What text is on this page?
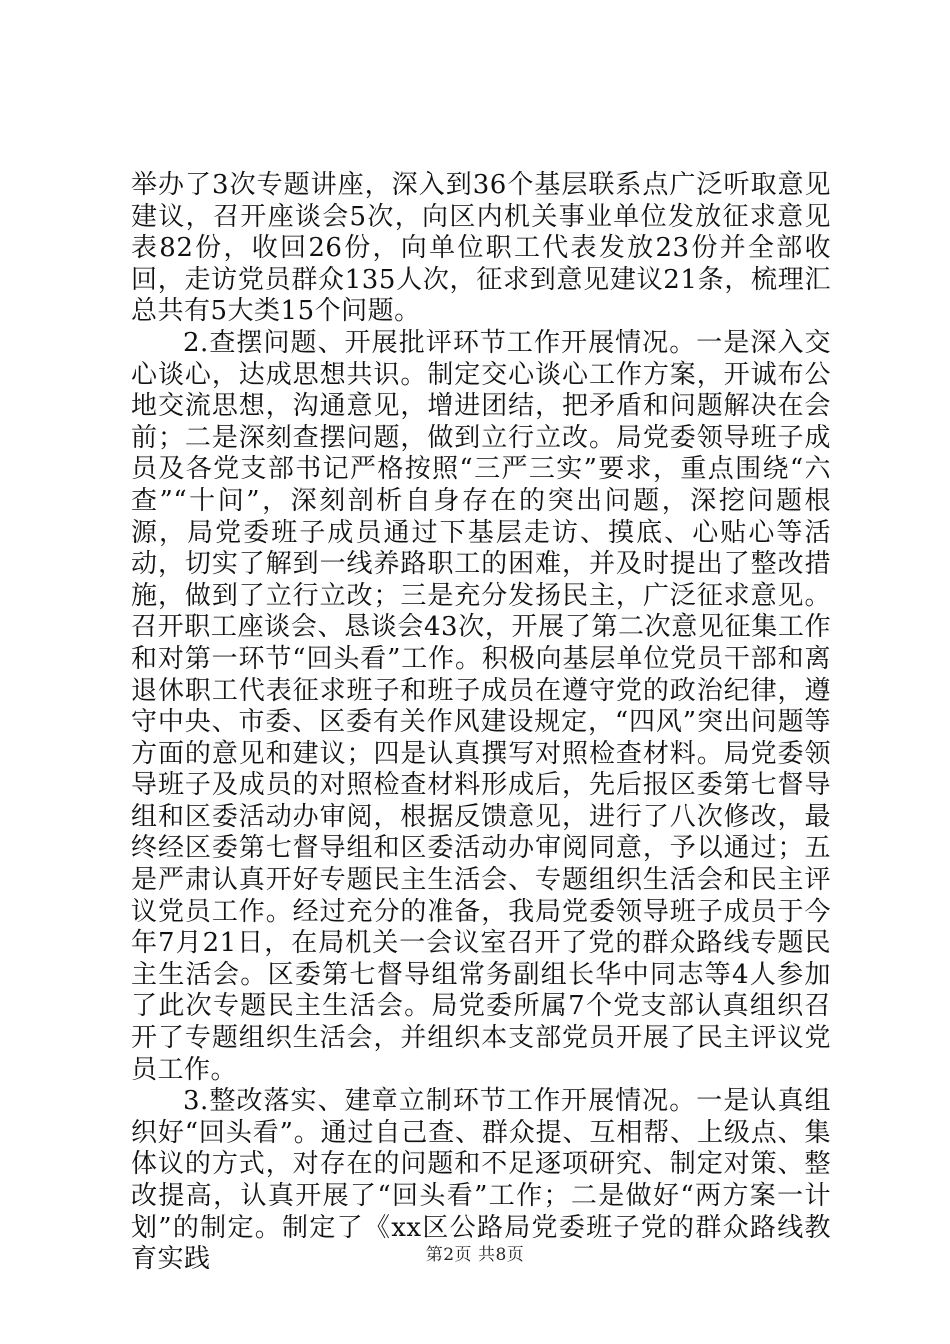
举办了3次专题讲座，深入到36个基层联系点广泛听取意见建议，召开座谈会5次，向区内机关事业单位发放征求意见表82份，收回26份，向单位职工代表发放23份并全部收回，走访党员群众135人次，征求到意见建议21条，梳理汇总共有5大类15个问题。

2.查摆问题、开展批评环节工作开展情况。一是深入交心谈心，达成思想共识。制定交心谈心工作方案，开诚布公地交流思想，沟通意见，增进团结，把矛盾和问题解决在会前；二是深刻查摆问题，做到立行立改。局党委领导班子成员及各党支部书记严格按照“三严三实”要求，重点围绕“六查”“十问”，深刻剖析自身存在的突出问题，深挖问题根源，局党委班子成员通过下基层走访、摸底、心贴心等活动，切实了解到一线养路职工的困难，并及时提出了整改措施，做到了立行立改；三是充分发扬民主，广泛征求意见。召开职工座谈会、恳谈会43次，开展了第二次意见征集工作和对第一环节“回头看”工作。积极向基层单位党员干部和离退休职工代表征求班子和班子成员在遵守党的政治纪律，遵守中央、市委、区委有关作风建设规定，“四风”突出问题等方面的意见和建议；四是认真撰写对照检查材料。局党委领导班子及成员的对照检查材料形成后，先后报区委第七督导组和区委活动办审阅，根据反馈意见，进行了八次修改，最终经区委第七督导组和区委活动办审阅同意，予以通过；五是严肃认真开好专题民主生活会、专题组织生活会和民主评议党员工作。经过充分的准备，我局党委领导班子成员于今年7月21日，在局机关一会议室召开了党的群众路线专题民主生活会。区委第七督导组常务副组长华中同志等4人参加了此次专题民主生活会。局党委所属7个党支部认真组织召开了专题组织生活会，并组织本支部党员开展了民主评议党员工作。

3.整改落实、建章立制环节工作开展情况。一是认真组织好“回头看”。通过自己查、群众提、互相帮、上级点、集体议的方式，对存在的问题和不足逐项研究、制定对策、整改提高，认真开展了“回头看”工作；二是做好“两方案一计划”的制定。制定了《xx区公路局党委班子党的群众路线教育实践	第2页 共8页
